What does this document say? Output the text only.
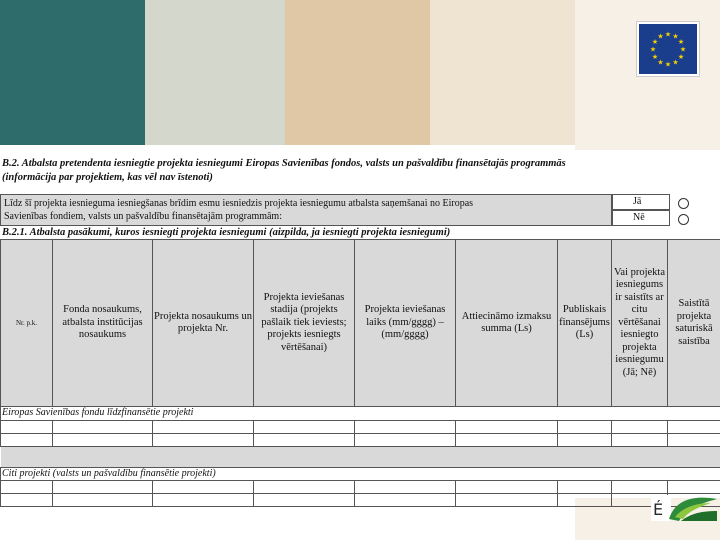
★ ★
★
★
★
★
★
★
★
★
★
★
B.2. Atbalsta pretendenta iesniegtie projekta iesniegumi Eiropas Savienības fondos, valsts un pašvaldību finansētajās programmās
(informācija par projektiem, kas vēl nav īstenoti)
Līdz šī projekta iesnieguma iesniegšanas brīdim esmu iesniedzis projekta iesniegumu atbalsta saņemšanai no Eiropas
Savienības fondiem, valsts un pašvaldību finansētajām programmām:
Jā
Nē
B.2.1. Atbalsta pasākumi, kuros iesniegti projekta iesniegumi (aizpilda, ja iesniegti projekta iesniegumi)
Nr. p.k.	Fonda nosaukums, atbalsta institūcijas nosaukums	Projekta nosaukums un projekta Nr.	Projekta ieviešanas stadija (projekts pašlaik tiek ieviests; projekts iesniegts vērtēšanai)	Projekta ieviešanas laiks (mm/gggg) – (mm/gggg)	Attiecināmo izmaksu summa (Ls)	Publiskais finansējums (Ls)	Vai projekta iesniegums ir saistīts ar citu vērtēšanai iesniegto projekta iesniegumu (Jā; Nē)	Saistītā projekta saturiskā saistība
Eiropas Savienības fondu līdzfinansētie projekti								

Citi projekti (valsts un pašvaldību finansētie projekti)								

É
